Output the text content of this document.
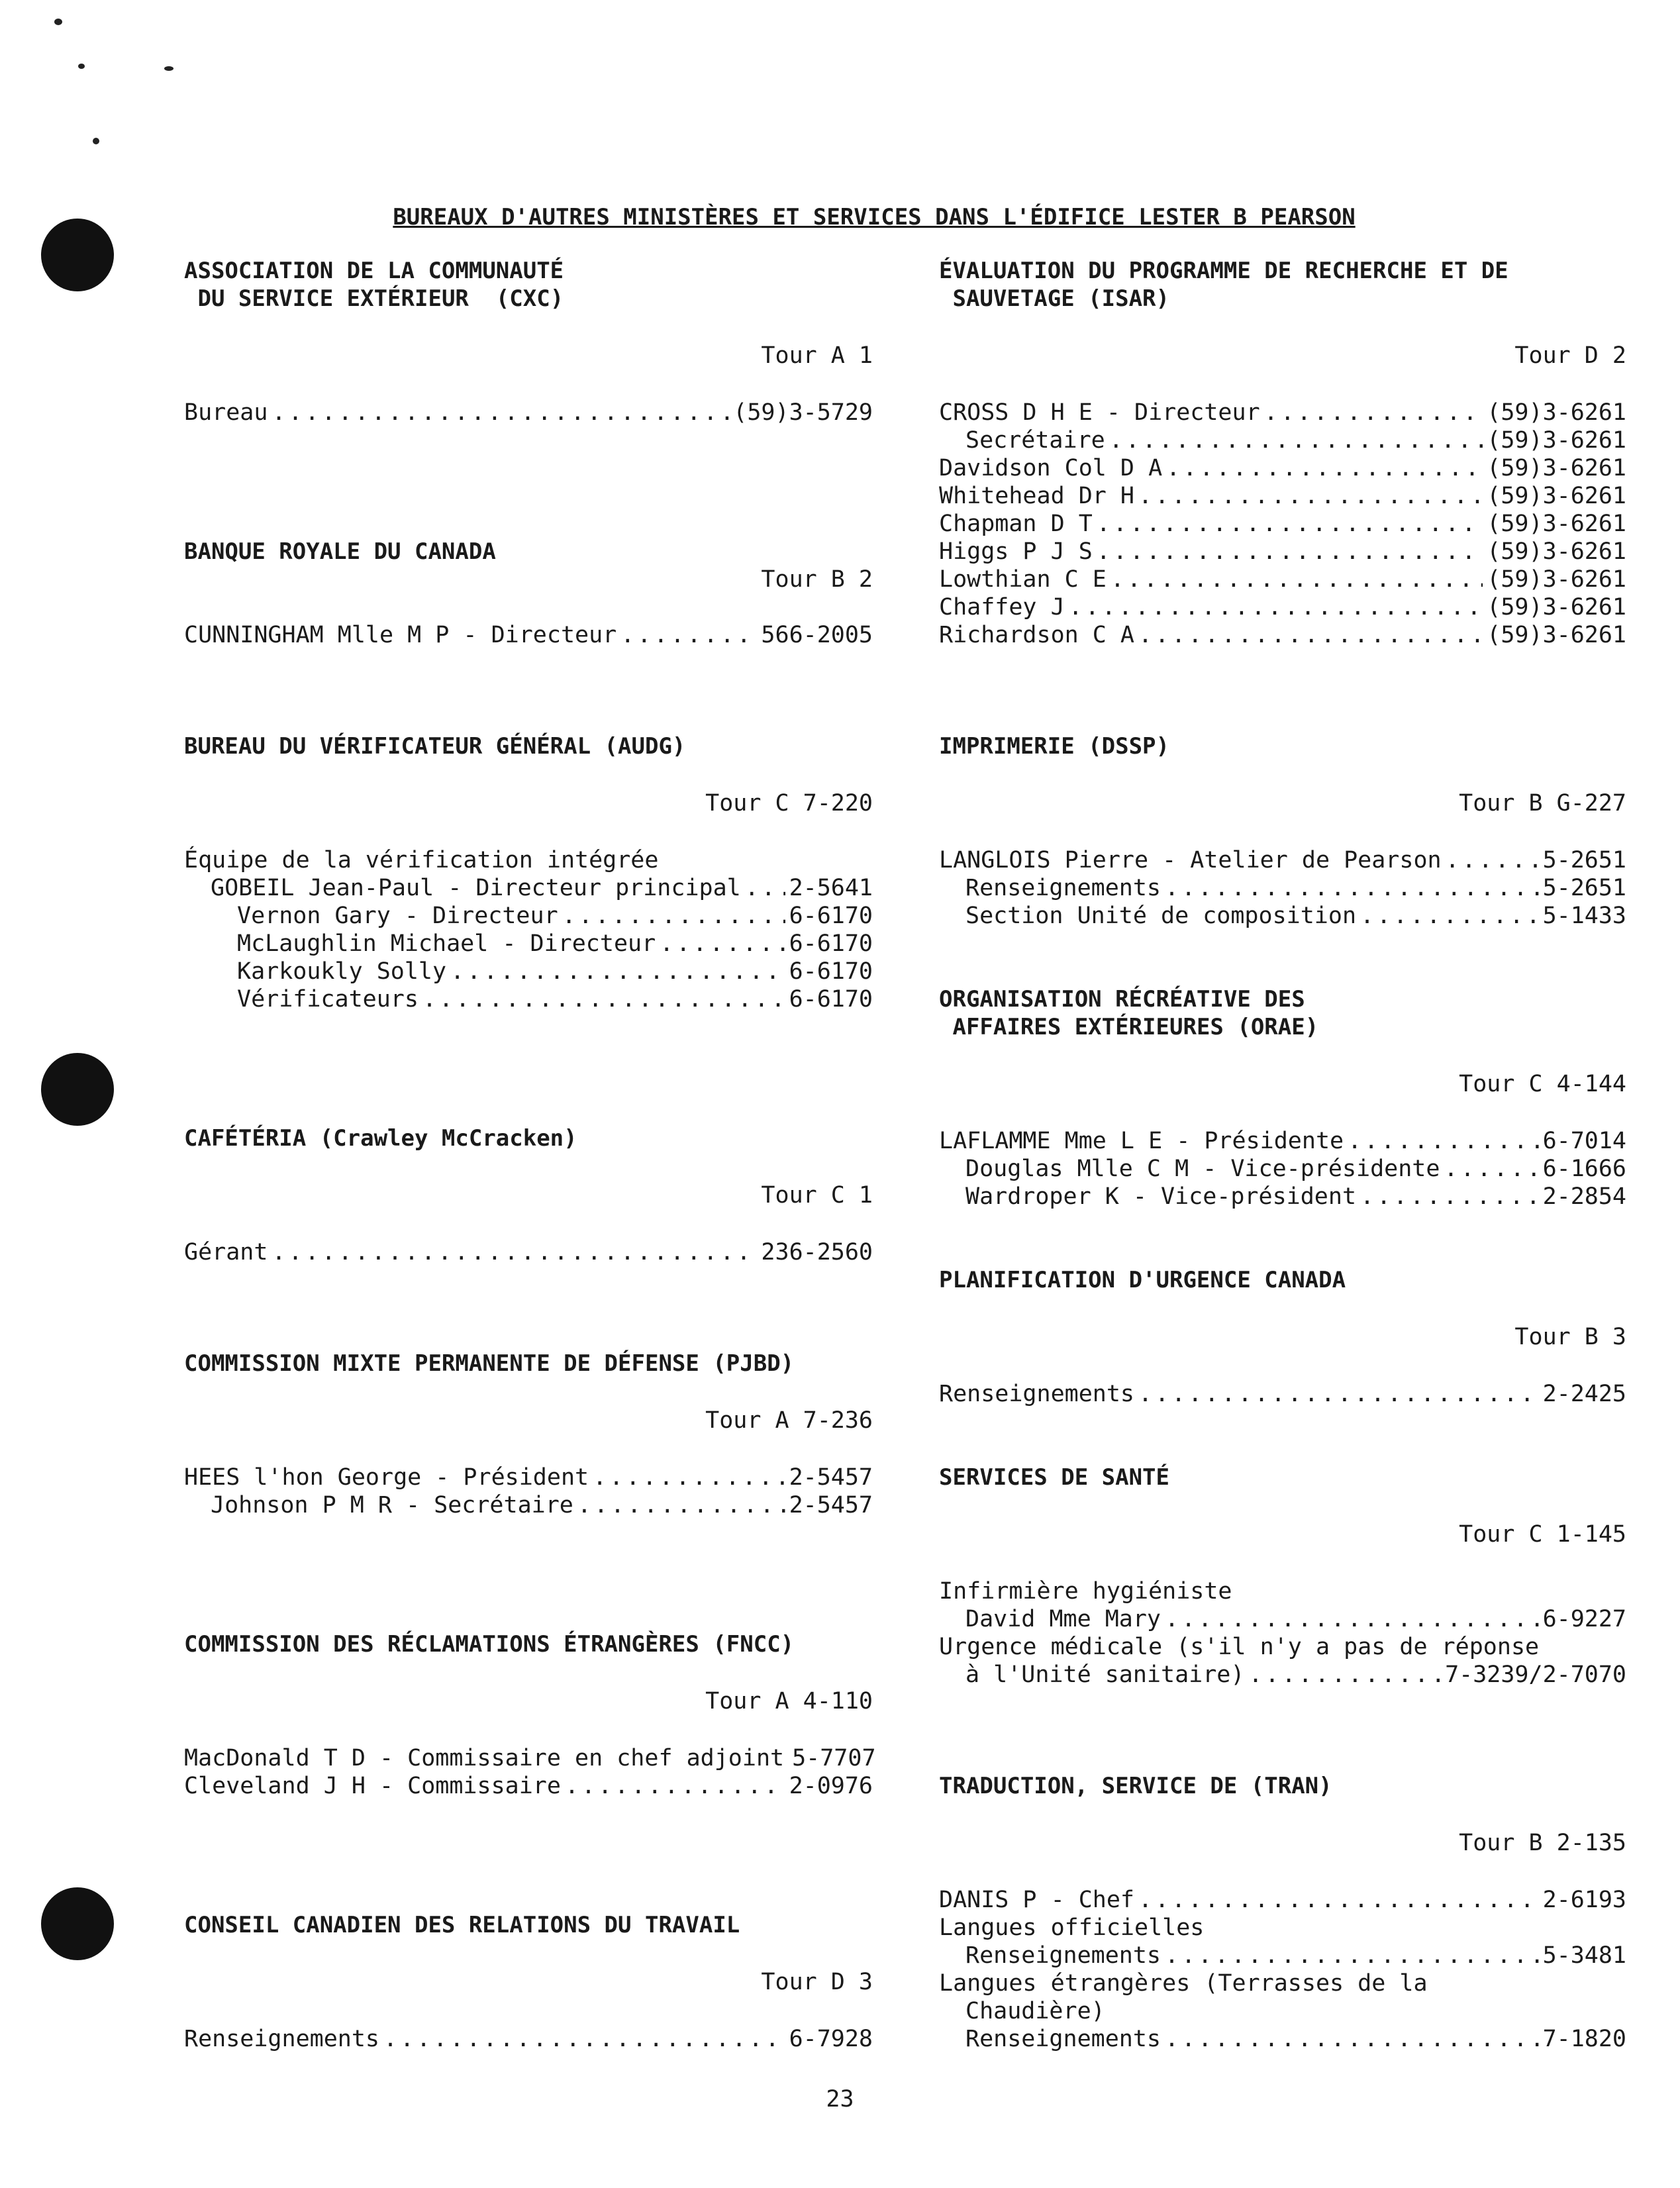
BUREAUX D'AUTRES MINISTÈRES ET SERVICES DANS L'ÉDIFICE LESTER B PEARSON
ASSOCIATION DE LA COMMUNAUTÉ
DU SERVICE EXTÉRIEUR  (CXC)
Tour A 1
Bureau .....	(59)3-5729
BANQUE ROYALE DU CANADA
Tour B 2
CUNNINGHAM Mlle M P - Directeur .....	566-2005
BUREAU DU VÉRIFICATEUR GÉNÉRAL (AUDG)
Tour C 7-220
Équipe de la vérification intégrée
GOBEIL Jean-Paul - Directeur principal ..... 2-5641
Vernon Gary - Directeur .....	6-6170
McLaughlin Michael - Directeur .....	6-6170
Karkoukly Solly .....	6-6170
Vérificateurs .....	6-6170
CAFÉTÉRIA (Crawley McCracken)
Tour C 1
Gérant .....	236-2560
COMMISSION MIXTE PERMANENTE DE DÉFENSE (PJBD)
Tour A 7-236
HEES l'hon George - Président .....	2-5457
Johnson P M R - Secrétaire .....	2-5457
COMMISSION DES RÉCLAMATIONS ÉTRANGÈRES (FNCC)
Tour A 4-110
MacDonald T D - Commissaire en chef adjoint 5-7707
Cleveland J H - Commissaire .....	2-0976
CONSEIL CANADIEN DES RELATIONS DU TRAVAIL
Tour D 3
Renseignements .....	6-7928
ÉVALUATION DU PROGRAMME DE RECHERCHE ET DE
SAUVETAGE (ISAR)
Tour D 2
CROSS D H E - Directeur .....	(59)3-6261
Secrétaire .....	(59)3-6261
Davidson Col D A .....	(59)3-6261
Whitehead Dr H .....	(59)3-6261
Chapman D T .....	(59)3-6261
Higgs P J S .....	(59)3-6261
Lowthian C E .....	(59)3-6261
Chaffey J .....	(59)3-6261
Richardson C A .....	(59)3-6261
IMPRIMERIE (DSSP)
Tour B G-227
LANGLOIS Pierre - Atelier de Pearson .....	5-2651
Renseignements .....	5-2651
Section Unité de composition .....	5-1433
ORGANISATION RÉCRÉATIVE DES
AFFAIRES EXTÉRIEURES (ORAE)
Tour C 4-144
LAFLAMME Mme L E - Présidente .....	6-7014
Douglas Mlle C M - Vice-présidente .....	6-1666
Wardroper K - Vice-président .....	2-2854
PLANIFICATION D'URGENCE CANADA
Tour B 3
Renseignements .....	2-2425
SERVICES DE SANTÉ
Tour C 1-145
Infirmière hygiéniste
David Mme Mary .....	6-9227
Urgence médicale (s'il n'y a pas de réponse
à l'Unité sanitaire) .....	7-3239/2-7070
TRADUCTION, SERVICE DE (TRAN)
Tour B 2-135
DANIS P - Chef .....	2-6193
Langues officielles
Renseignements .....	5-3481
Langues étrangères (Terrasses de la
Chaudière)
Renseignements .....	7-1820
23
